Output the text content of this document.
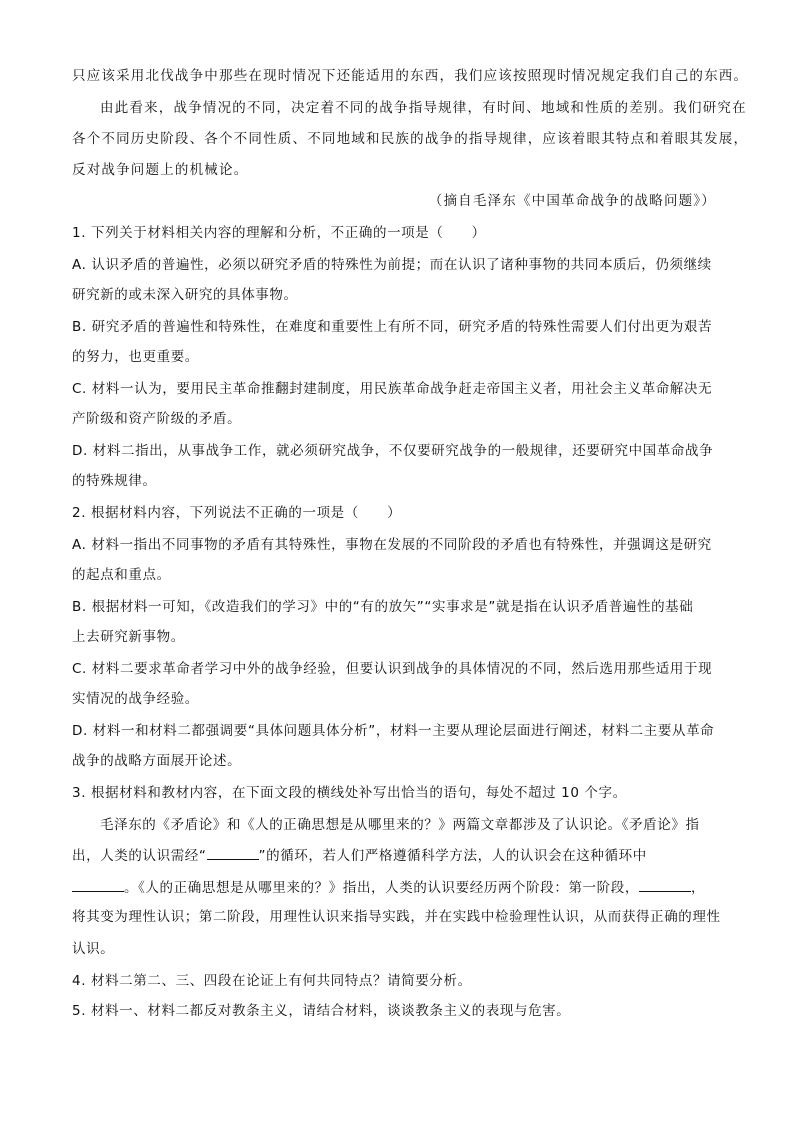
只应该采用北伐战争中那些在现时情况下还能适用的东西，我们应该按照现时情况规定我们自己的东西。
由此看来，战争情况的不同，决定着不同的战争指导规律，有时间、地域和性质的差别。我们研究在
各个不同历史阶段、各个不同性质、不同地域和民族的战争的指导规律，应该着眼其特点和着眼其发展，
反对战争问题上的机械论。
（摘自毛泽东《中国革命战争的战略问题》）
1. 下列关于材料相关内容的理解和分析，不正确的一项是（　　）
A. 认识矛盾的普遍性，必须以研究矛盾的特殊性为前提；而在认识了诸种事物的共同本质后，仍须继续
研究新的或未深入研究的具体事物。
B. 研究矛盾的普遍性和特殊性，在难度和重要性上有所不同，研究矛盾的特殊性需要人们付出更为艰苦
的努力，也更重要。
C. 材料一认为，要用民主革命推翻封建制度，用民族革命战争赶走帝国主义者，用社会主义革命解决无
产阶级和资产阶级的矛盾。
D. 材料二指出，从事战争工作，就必须研究战争，不仅要研究战争的一般规律，还要研究中国革命战争
的特殊规律。
2. 根据材料内容，下列说法不正确的一项是（　　）
A. 材料一指出不同事物的矛盾有其特殊性，事物在发展的不同阶段的矛盾也有特殊性，并强调这是研究
的起点和重点。
B. 根据材料一可知，《改造我们的学习》中的“有的放矢”“实事求是”就是指在认识矛盾普遍性的基础
上去研究新事物。
C. 材料二要求革命者学习中外的战争经验，但要认识到战争的具体情况的不同，然后选用那些适用于现
实情况的战争经验。
D. 材料一和材料二都强调要“具体问题具体分析”，材料一主要从理论层面进行阐述，材料二主要从革命
战争的战略方面展开论述。
3. 根据材料和教材内容，在下面文段的横线处补写出恰当的语句，每处不超过 10 个字。
毛泽东的《矛盾论》和《人的正确思想是从哪里来的？》两篇文章都涉及了认识论。《矛盾论》指
出，人类的认识需经“	”的循环，若人们严格遵循科学方法，人的认识会在这种循环中
。《人的正确思想是从哪里来的？》指出，人类的认识要经历两个阶段：第一阶段，	，
将其变为理性认识；第二阶段，用理性认识来指导实践，并在实践中检验理性认识，从而获得正确的理性
认识。
4. 材料二第二、三、四段在论证上有何共同特点？请简要分析。
5. 材料一、材料二都反对教条主义，请结合材料，谈谈教条主义的表现与危害。
